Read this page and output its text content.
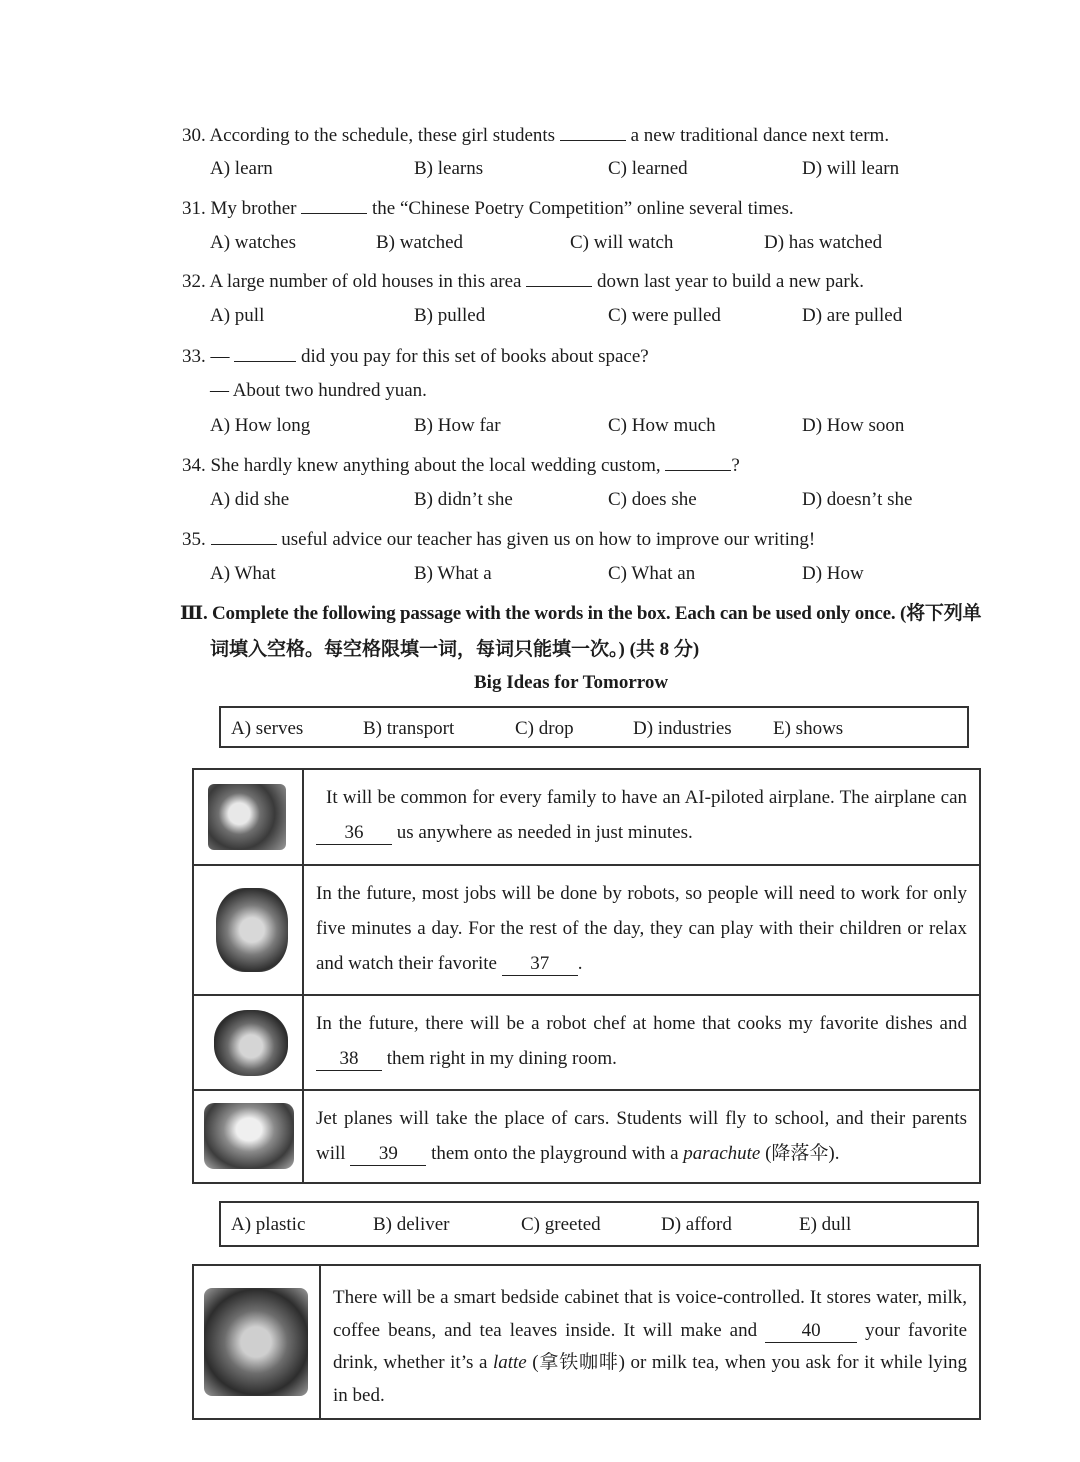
30. According to the schedule, these girl students	a new traditional dance next term.
A) learn	B) learns	C) learned	D) will learn
31. My brother	the “Chinese Poetry Competition” online several times.
A) watches	B) watched	C) will watch	D) has watched
32. A large number of old houses in this area	down last year to build a new park.
A) pull	B) pulled	C) were pulled	D) are pulled
33. —	did you pay for this set of books about space?
— About two hundred yuan.
A) How long	B) How far	C) How much	D) How soon
34. She hardly knew anything about the local wedding custom,	?
A) did she	B) didn’t she	C) does she	D) doesn’t she
35.	useful advice our teacher has given us on how to improve our writing!
A) What	B) What a	C) What an	D) How
Ⅲ. Complete the following passage with the words in the box. Each can be used only once. (将下列单
词填入空格。每空格限填一词，每词只能填一次。) (共 8 分)
Big Ideas for Tomorrow
A) serves	B) transport	C) drop	D) industries E) shows
It will be common for every family to have an AI-piloted airplane. The airplane can 36 us anywhere as needed in just minutes.
In the future, most jobs will be done by robots, so people will need to work for only five minutes a day. For the rest of the day, they can play with their children or relax and watch their favorite 37 .
In the future, there will be a robot chef at home that cooks my favorite dishes and 38 them right in my dining room.
Jet planes will take the place of cars. Students will fly to school, and their parents will 39 them onto the playground with a parachute (降落伞).
A) plastic	B) deliver	C) greeted	D) afford	E) dull
There will be a smart bedside cabinet that is voice-controlled. It stores water, milk, coffee beans, and tea leaves inside. It will make and 40 your favorite drink, whether it’s a latte (拿铁咖啡) or milk tea, when you ask for it while lying in bed.
